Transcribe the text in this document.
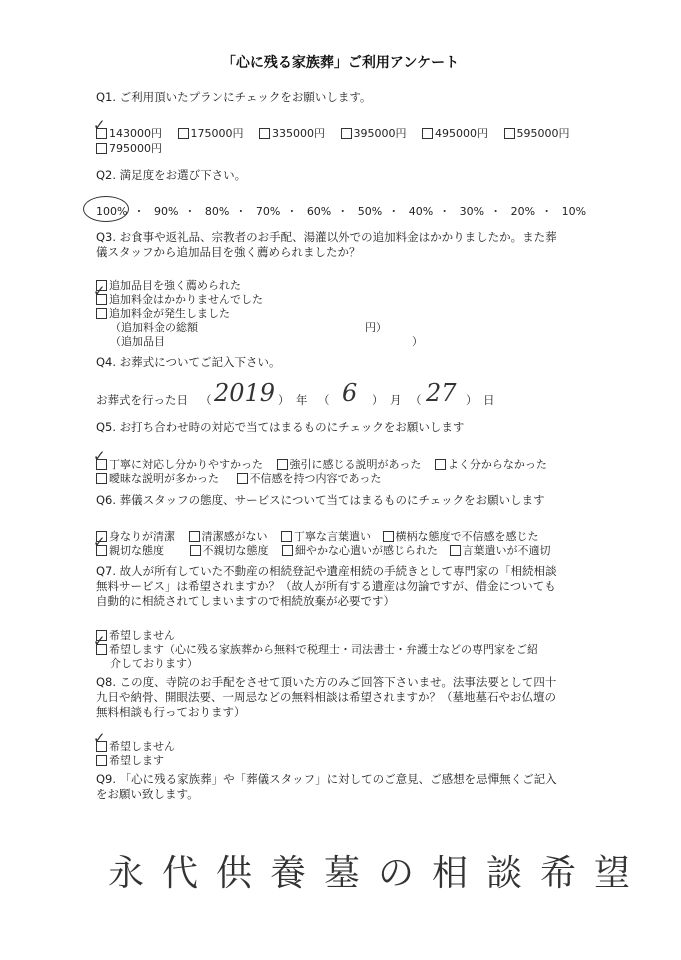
「心に残る家族葬」ご利用アンケート
Q1. ご利用頂いたプランにチェックをお願いします。
✓ 143000円	175000円	335000円	395000円	495000円	595000円
795000円
Q2. 満足度をお選び下さい。
100% ・ 90% ・ 80% ・ 70% ・ 60% ・ 50% ・ 40% ・ 30% ・ 20% ・ 10%
Q3. お食事や返礼品、宗教者のお手配、湯灌以外での追加料金はかかりましたか。また葬
儀スタッフから追加品目を強く薦められましたか？
追加品目を強く薦められた
✓ 追加料金はかかりませんでした
追加料金が発生しました
（追加料金の総額	円）
（追加品目	）
Q4. お葬式についてご記入下さい。
お葬式を行った日 （ 2019 ） 年 （ 6 ） 月 （ 27 ） 日
Q5. お打ち合わせ時の対応で当てはまるものにチェックをお願いします
✓ 丁寧に対応し分かりやすかった 強引に感じる説明があった よく分からなかった
曖昧な説明が多かった	不信感を持つ内容であった
Q6. 葬儀スタッフの態度、サービスについて当てはまるものにチェックをお願いします
身なりが清潔 清潔感がない 丁寧な言葉遣い 横柄な態度で不信感を感じた
✓ 親切な態度	不親切な態度 細やかな心遣いが感じられた 言葉遣いが不適切
Q7. 故人が所有していた不動産の相続登記や遺産相続の手続きとして専門家の「相続相談
無料サービス」は希望されますか？（故人が所有する遺産は勿論ですが、借金についても
自動的に相続されてしまいますので相続放棄が必要です）
希望しません
✓ 希望します（心に残る家族葬から無料で税理士・司法書士・弁護士などの専門家をご紹
介しております）
Q8. この度、寺院のお手配をさせて頂いた方のみご回答下さいませ。法事法要として四十
九日や納骨、開眼法要、一周忌などの無料相談は希望されますか？（墓地墓石やお仏壇の
無料相談も行っております）
✓ 希望しません
希望します
Q9. 「心に残る家族葬」や「葬儀スタッフ」に対してのご意見、ご感想を忌憚無くご記入
をお願い致します。
永代供養墓の相談希望
